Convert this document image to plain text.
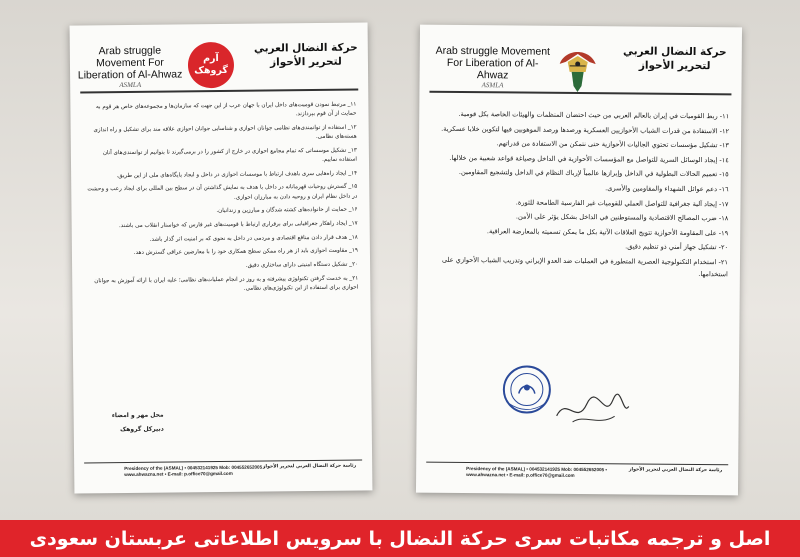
Arab struggle Movement For Liberation of Al-Ahwaz
ASMLA
آرم
گروهک
حركة النضال العربي لتحرير الأحواز

۱۱_ مرتبط نمودن قومیت‌های داخل ایران با جهان عرب از این جهت که سازمان‌ها و مجموعه‌های خاص هر قوم به حمایت از آن قوم بپردازند.

۱۲_ استفاده از توانمندی‌های نظامی جوانان احوازی و شناسایی جوانان احوازی علاقه مند برای تشکیل و راه اندازی هسته‌های نظامی.

۱۳_ تشکیل موسساتی که تمام مجامع احوازی در خارج از کشور را در برمی‌گیرند تا بتوانیم از توانمندی‌های آنان استفاده نماییم.

۱۴_ ایجاد راه‌هایی سری باهدف ارتباط با موسسات احوازی در داخل و ایجاد پایگاه‌های ملی از این طریق.

۱۵_ گسترش روحیات قهرمانانه در داخل با هدف به نمایش گذاشتن آن در سطح بین المللی برای ایجاد رعب و وحشت در داخل نظام ایران و روحیه دادن به مبارزان احوازی.

۱۶_ حمایت از خانواده‌های کشته شدگان و مبارزین و زندانیان.

۱۷_ ایجاد راهکار جغرافیایی برای برقراری ارتباط با قومیت‌های غیر فارس که خواستار انقلاب می باشند.

۱۸_ هدف قرار دادن منافع اقتصادی و مردمی در داخل به نحوی که بر امنیت اثر گذار باشد.

۱۹_ مقاومت احوازی باید از هر راه ممکن سطح همکاری خود را با معارضین عراقی گسترش دهد.

۲۰_ تشکیل دستگاه امنیتی دارای ساختاری دقیق.

۲۱_ به خدمت گرفتن تکنولوژی پیشرفته و به روز در انجام عملیات‌های نظامی؛ علیه ایران با ارائه آموزش به جوانان احوازی برای استفاده از این تکنولوژی‌های نظامی.

محل مهر و امضاء
دبیرکل گروهک
Presidency of the (ASMAL) • 004532141925 Mob: 004552652005 • www.ahwazna.net • E-mail: p.office70@gmail.com
رئاسة حركة النضال العربي لتحرير الأحواز
Arab struggle Movement For Liberation of Al-Ahwaz
ASMLA
حركة النضال العربي لتحرير الأحواز

١١- ربط القوميات في إيران بالعالم العربي من حيث احتضان المنظمات والهيئات الخاصة بكل قومية.

١٢- الاستفادة من قدرات الشباب الأحوازيين العسكرية ورصدها ورصد الموهوبين فيها لتكوين خلايا عسكرية.

١٣- تشكيل مؤسسات تحتوي الجاليات الأحوازية حتى نتمكن من الاستفادة من قدراتهم.

١٤- إيجاد الوسائل السرية للتواصل مع المؤسسات الأحوازية في الداخل وصياغة قواعد شعبية من خلالها.

١٥- تعميم الحالات البطولية في الداخل وإبرازها عالمياً لإرباك النظام في الداخل ولتشجيع المقاومين.

١٦- دعم عوائل الشهداء والمقاومين والأسرى.

١٧- إيجاد آلية جغرافية للتواصل العملي للقوميات غير الفارسية الطامحة للثورة.

١٨- ضرب المصالح الاقتصادية والمستوطنين في الداخل بشكل يؤثر على الأمن.

١٩- على المقاومة الأحوازية تتويج العلاقات الآتية بكل ما يمكن تسميته بالمعارضة العراقية.

٢٠- تشكيل جهاز أمني ذو تنظيم دقيق.

٢١- استخدام التكنولوجية العصرية المتطورة في العمليات ضد العدو الإيراني وتدريب الشباب الأحوازي على استخدامها.

Presidency of the (ASMAL) • 004532141925 Mob: 004552652005 • www.ahwazna.net • E-mail: p.office70@gmail.com
رئاسة حركة النضال العربي لتحرير الأحواز
اصل و ترجمه مکاتبات سری حرکة النضال با سرویس اطلاعاتی عربستان سعودی
